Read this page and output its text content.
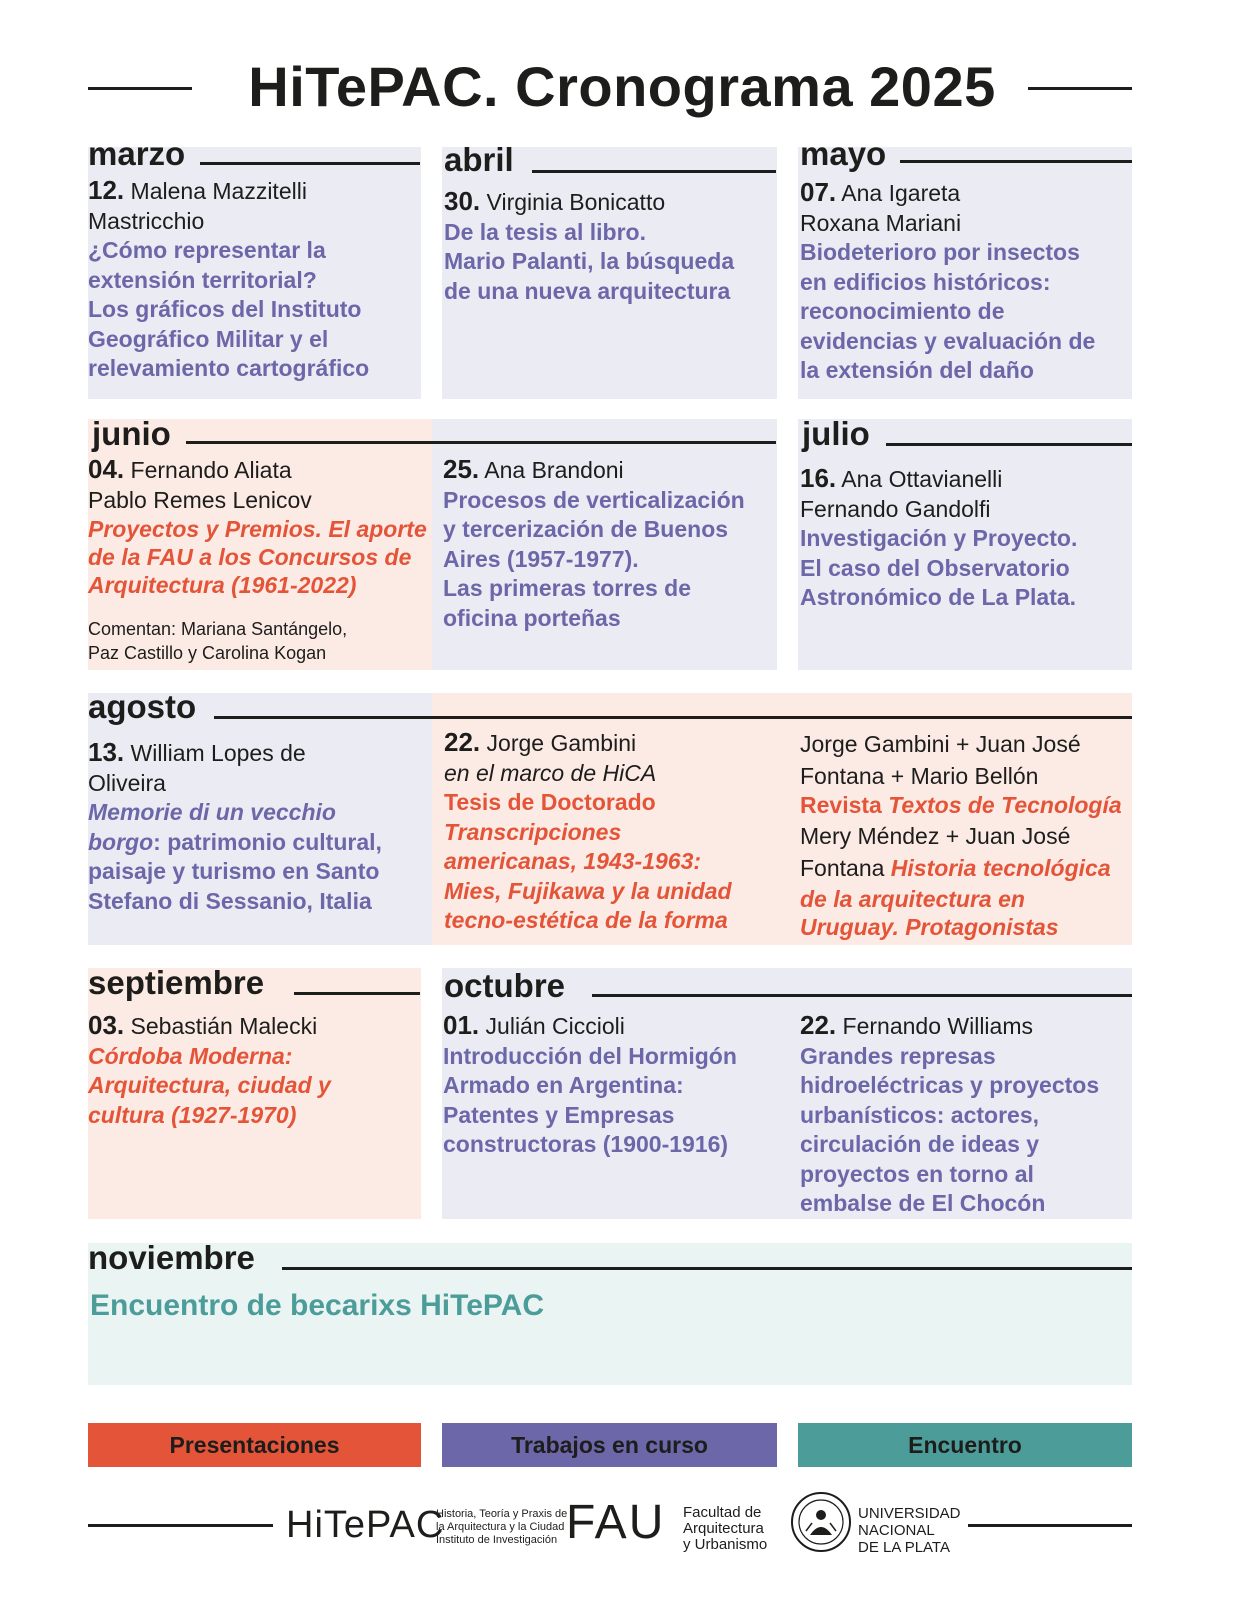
HiTePAC. Cronograma 2025
marzo
12. Malena Mazzitelli
Mastricchio
¿Cómo representar la
extensión territorial?
Los gráficos del Instituto
Geográfico Militar y el
relevamiento cartográfico
abril
30. Virginia Bonicatto
De la tesis al libro.
Mario Palanti, la búsqueda
de una nueva arquitectura
mayo
07. Ana Igareta
Roxana Mariani
Biodeterioro por insectos
en edificios históricos:
reconocimiento de
evidencias y evaluación de
la extensión del daño
junio
04. Fernando Aliata
Pablo Remes Lenicov
Proyectos y Premios. El aporte
de la FAU a los Concursos de
Arquitectura (1961-2022)
Comentan: Mariana Santángelo,
Paz Castillo y Carolina Kogan
25. Ana Brandoni
Procesos de verticalización
y tercerización de Buenos
Aires (1957-1977).
Las primeras torres de
oficina porteñas
julio
16. Ana Ottavianelli
Fernando Gandolfi
Investigación y Proyecto.
El caso del Observatorio
Astronómico de La Plata.
agosto
13. William Lopes de
Oliveira
Memorie di un vecchio
borgo: patrimonio cultural,
paisaje y turismo en Santo
Stefano di Sessanio, Italia
22. Jorge Gambini
en el marco de HiCA
Tesis de Doctorado
Transcripciones
americanas, 1943-1963:
Mies, Fujikawa y la unidad
tecno-estética de la forma
Jorge Gambini + Juan José
Fontana + Mario Bellón
Revista Textos de Tecnología
Mery Méndez + Juan José
Fontana Historia tecnológica
de la arquitectura en
Uruguay. Protagonistas
septiembre
03. Sebastián Malecki
Córdoba Moderna:
Arquitectura, ciudad y
cultura (1927-1970)
octubre
01. Julián Ciccioli
Introducción del Hormigón
Armado en Argentina:
Patentes y Empresas
constructoras (1900-1916)
22. Fernando Williams
Grandes represas
hidroeléctricas y proyectos
urbanísticos: actores,
circulación de ideas y
proyectos en torno al
embalse de El Chocón
noviembre
Encuentro de becarixs HiTePAC
Presentaciones	Trabajos en curso	Encuentro
HiTePAC
Historia, Teoría y Praxis de
la Arquitectura y la Ciudad
Instituto de Investigación FAU Facultad de
Arquitectura
y Urbanismo
UNIVERSIDAD
NACIONAL
DE LA PLATA
